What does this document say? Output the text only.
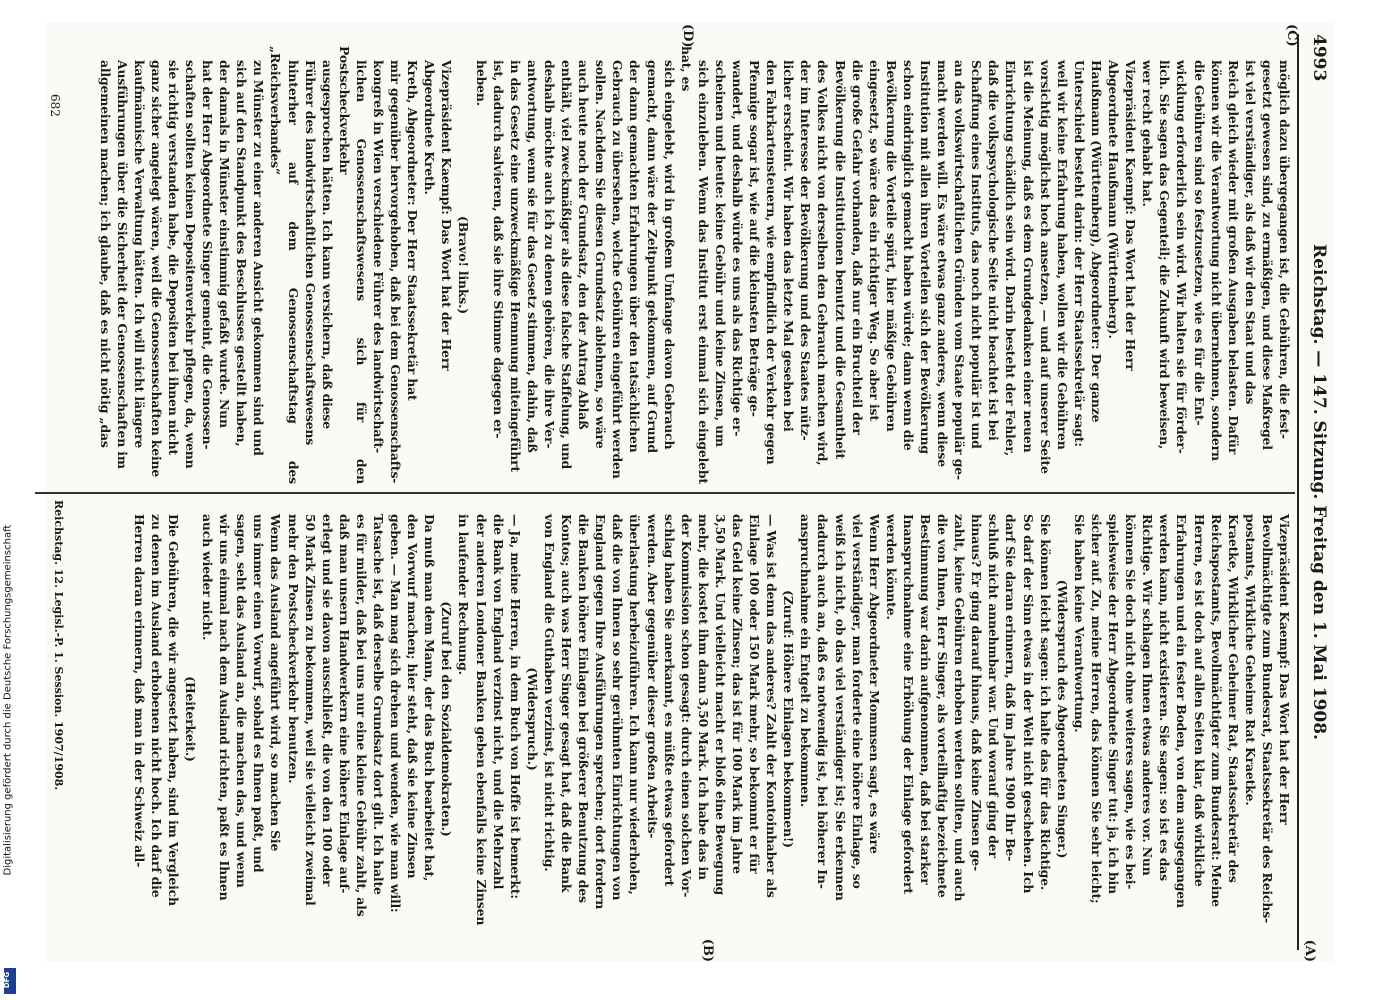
4993
Reichstag. — 147. Sitzung. Freitag den 1. Mai 1908.
(C)
(D)
(A)
(B)

möglich dazu übergegangen ist, die Gebühren, die fest-

gesetzt gewesen sind, zu ermäßigen, und diese Maßregel

ist viel verständiger, als daß wir den Staat und das

Reich gleich wieder mit großen Ausgaben belasten. Dafür

können wir die Verantwortung nicht übernehmen, sondern

die Gebühren sind so festzusetzen, wie es für die Ent-

wicklung erforderlich sein wird. Wir halten sie für förder-

lich. Sie sagen das Gegenteil; die Zukunft wird beweisen,

wer recht gehabt hat.

Vizepräsident Kaempf: Das Wort hat der Herr

Abgeordnete Haußmann (Württemberg).

Haußmann (Württemberg), Abgeordneter: Der ganze

Unterschied besteht darin: der Herr Staatssekretär sagt:

weil wir keine Erfahrung haben, wollen wir die Gebühren

vorsichtig möglichst hoch ansetzen, — und auf unserer Seite

ist die Meinung, daß es dem Grundgedanken einer neuen

Einrichtung schädlich sein wird. Darin besteht der Fehler,

daß die volkspsychologische Seite nicht beachtet ist bei

Schaffung eines Instituts, das noch nicht populär ist und

an das volkswirtschaftlichen Gründen vom Staate populär ge-

macht werden will. Es wäre etwas ganz anderes, wenn diese

Institution mit allen ihren Vorteilen sich der Bevölkerung

schon eindringlich gemacht haben würde; dann wenn die

Bevölkerung die Vorteile spürt, hier mäßige Gebühren

eingesetzt, so wäre das ein richtiger Weg. So aber ist

die große Gefahr vorhanden, daß nur ein Bruchteil der

Bevölkerung die Institutionen benutzt und die Gesamtheit

des Volkes nicht von derselben den Gebrauch machen wird,

der im Interesse der Bevölkerung und des Staates nütz-

licher erscheint. Wir haben das letzte Mal gesehen bei

den Fahrkartensteuern, wie empfindlich der Verkehr gegen

Pfennige sogar ist, wie auf die kleinsten Beträge ge-

wandert, und deshalb würde es uns als das Richtige er-

scheinen und heute: keine Gebühr und keine Zinsen, um

sich einzuleben. Wenn das Institut erst einmal sich eingelebt hat, es

sich eingelebt, wird in großem Umfange davon Gebrauch

gemacht, dann wäre der Zeitpunkt gekommen, auf Grund

der dann gemachten Erfahrungen über den tatsächlichen

Gebrauch zu übersehen, welche Gebühren eingeführt werden

sollen. Nachdem Sie diesen Grundsatz ablehnen, so wäre

auch heute noch der Grundsatz, den der Antrag Ablaß

enthält, viel zweckmäßiger als diese falsche Staffelung, und

deshalb möchte auch ich zu denen gehören, die ihre Ver-

antwortung, wenn sie für das Gesetz stimmen, dahin, daß

in das Gesetz eine unzweckmäßige Hemmung miteingeführt

ist, dadurch salvieren, daß sie ihre Stimme dagegen er-

heben.

(Bravo! links.)

Vizepräsident Kaempf: Das Wort hat der Herr

Abgeordnete Kreth.

Kreth, Abgeordneter: Der Herr Staatssekretär hat

mir gegenüber hervorgehoben, daß bei dem Genossenschafts-

kongreß in Wien verschiedene Führer des landwirtschaft-

lichen Genossenschaftswesens sich für den Postscheckverkehr

ausgesprochen hätten. Ich kann versichern, daß diese

Führer des landwirtschaftlichen Genossenschaftswesens

hinterher auf dem Genossenschaftstag des „Reichsverbandes“

zu Münster zu einer anderen Ansicht gekommen sind und

sich auf den Standpunkt des Beschlusses gestellt haben,

der damals in Münster einstimmig gefaßt wurde. Nun

hat der Herr Abgeordnete Singer gemeint, die Genossen-

schaften sollten keinen Depositenverkehr pflegen, da, wenn

sie richtig verstanden habe, die Depositen bei ihnen nicht

ganz sicher angelegt wären, weil die Genossenschaften keine

kaufmännische Verwaltung hätten. Ich will nicht längere

Ausführungen über die Sicherheit der Genossenschaften im

allgemeinen machen; ich glaube, daß es nicht nötig „das

Vizepräsident Kaempf: Das Wort hat der Herr

Bevollmächtigte zum Bundesrat, Staatssekretär des Reichs-

postamts, Wirkliche Geheime Rat Kraetke.

Kraetke, Wirklicher Geheimer Rat, Staatssekretär des

Reichspostamts, Bevollmächtigter zum Bundesrat: Meine

Herren, es ist doch auf allen Seiten klar, daß wirkliche

Erfahrungen und ein fester Boden, von dem ausgegangen

werden kann, nicht existieren. Sie sagen: so ist es das

Richtige. Wir schlagen Ihnen etwas anderes vor. Nun

können Sie doch nicht ohne weiteres sagen, wie es bei-

spielsweise der Herr Abgeordnete Singer tut: ja, ich bin

sicher auf. Zu, meine Herren, das können Sie sehr leicht;

Sie haben keine Verantwortung.

(Widerspruch des Abgeordneten Singer.)

Sie können leicht sagen: ich halte das für das Richtige.

So darf der Sinn etwas in der Welt nicht geschehen. Ich

darf Sie daran erinnern, daß im Jahre 1900 Ihr Be-

schluß nicht annehmbar war. Und worauf ging der

hinaus? Er ging darauf hinaus, daß keine Zinsen ge-

zahlt, keine Gebühren erhoben werden sollten, und auch

die von Ihnen, Herr Singer, als vorteilhaftig bezeichnete

Bestimmung war darin aufgenommen, daß bei starker

Inanspruchnahme eine Erhöhung der Einlage gefordert

werden könnte.

Wenn Herr Abgeordneter Mommsen sagt, es wäre

viel verständiger, man forderte eine höhere Einlage, so

weiß ich nicht, ob das viel verständiger ist; Sie erkennen

dadurch auch an, daß es notwendig ist, bei höherer In-

anspruchnahme ein Entgelt zu bekommen.

(Zuruf: Höhere Einlagen bekommen!)

— Was ist denn das anderes? Zahlt der Kontoinhaber als

Einlage 100 oder 150 Mark mehr, so bekommt er für

das Geld keine Zinsen; das ist für 100 Mark im Jahre

3,50 Mark. Und vielleicht macht er bloß eine Bewegung

mehr, die kostet ihm dann 3,50 Mark. Ich habe das in

der Kommission schon gesagt: durch einen solchen Vor-

schlag haben Sie anerkannt, es müßte etwas gefordert

werden. Aber gegenüber dieser großen Arbeits-

überlastung herbeizuführen. Ich kann nur wiederholen,

daß die von Ihnen so sehr gerühmten Einrichtungen von

England gegen Ihre Ausführungen sprechen; dort fordern

die Banken höhere Einlagen bei größerer Benutzung des

Kontos; auch was Herr Singer gesagt hat, daß die Bank

von England die Guthaben verzinst, ist nicht richtig.

(Widerspruch.)

— Ja, meine Herren, in dem Buch von Hoffe ist bemerkt:

die Bank von England verzinst nicht, und die Mehrzahl

der anderen Londoner Banken geben ebenfalls keine Zinsen

in laufender Rechnung.

(Zuruf bei den Sozialdemokraten.)

Da muß man dem Mann, der das Buch bearbeitet hat,

den Vorwurf machen; hier steht, daß sie keine Zinsen

geben. — Man mag sich drehen und wenden, wie man will:

Tatsache ist, daß derselbe Grundsatz dort gilt. Ich halte

es für milder, daß bei uns nur eine kleine Gebühr zahlt, als

daß man unsern Handwerkern eine höhere Einlage auf-

erlegt und sie davon ausschließt, die von den 100 oder

50 Mark Zinsen zu bekommen, weil sie vielleicht zweimal

mehr den Postscheckverkehr benutzen.

Wenn das Ausland angeführt wird, so machen Sie

uns immer einen Vorwurf, sobald es Ihnen paßt, und

sagen, seht das Ausland an, die machen das, und wenn

wir uns einmal nach dem Ausland richten, paßt es Ihnen

auch wieder nicht.

(Heiterkeit.)

Die Gebühren, die wir angesetzt haben, sind im Vergleich

zu denen im Ausland erhobenen nicht hoch. Ich darf die

Herren daran erinnern, daß man in der Schweiz all-

682
Reichstag. 12. Legisl.-P. 1. Session. 1907/1908.
Digitalisierung gefördert durch die Deutsche Forschungsgemeinschaft
DFG
